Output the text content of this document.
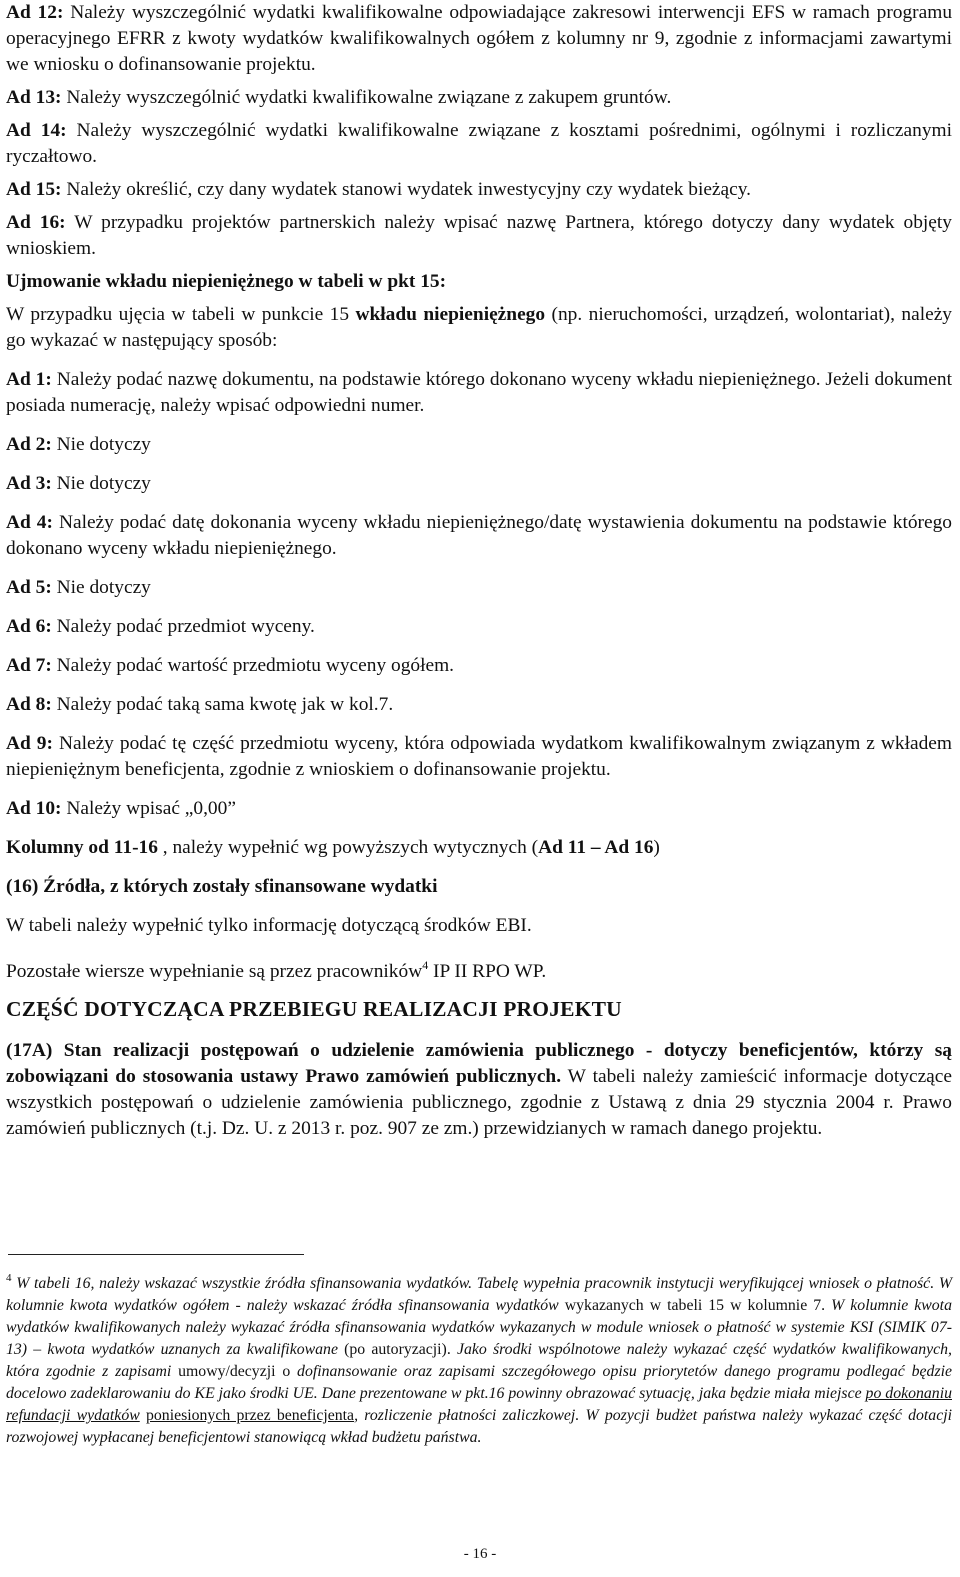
Ad 12: Należy wyszczególnić wydatki kwalifikowalne odpowiadające zakresowi interwencji EFS w ramach programu operacyjnego EFRR z kwoty wydatków kwalifikowalnych ogółem z kolumny nr 9, zgodnie z informacjami zawartymi we wniosku o dofinansowanie projektu.

Ad 13: Należy wyszczególnić wydatki kwalifikowalne związane z zakupem gruntów.

Ad 14: Należy wyszczególnić wydatki kwalifikowalne związane z kosztami pośrednimi, ogólnymi i rozliczanymi ryczałtowo.

Ad 15: Należy określić, czy dany wydatek stanowi wydatek inwestycyjny czy wydatek bieżący.

Ad 16: W przypadku projektów partnerskich należy wpisać nazwę Partnera, którego dotyczy dany wydatek objęty wnioskiem.

Ujmowanie wkładu niepieniężnego w tabeli w pkt 15:

W przypadku ujęcia w tabeli w punkcie 15 wkładu niepieniężnego (np. nieruchomości, urządzeń, wolontariat), należy go wykazać w następujący sposób:

Ad 1: Należy podać nazwę dokumentu, na podstawie którego dokonano wyceny wkładu niepieniężnego. Jeżeli dokument posiada numerację, należy wpisać odpowiedni numer.

Ad 2: Nie dotyczy

Ad 3: Nie dotyczy

Ad 4: Należy podać datę dokonania wyceny wkładu niepieniężnego/datę wystawienia dokumentu na podstawie którego dokonano wyceny wkładu niepieniężnego.

Ad 5: Nie dotyczy

Ad 6: Należy podać przedmiot wyceny.

Ad 7: Należy podać wartość przedmiotu wyceny ogółem.

Ad 8: Należy podać taką sama kwotę jak w kol.7.

Ad 9: Należy podać tę część przedmiotu wyceny, która odpowiada wydatkom kwalifikowalnym związanym z wkładem niepieniężnym beneficjenta, zgodnie z wnioskiem o dofinansowanie projektu.

Ad 10: Należy wpisać „0,00”

Kolumny od 11-16 , należy wypełnić wg powyższych wytycznych (Ad 11 – Ad 16)

(16) Źródła, z których zostały sfinansowane wydatki

W tabeli należy wypełnić tylko informację dotyczącą środków EBI.

Pozostałe wiersze wypełnianie są przez pracowników$^4$ IP II RPO WP.

CZĘŚĆ DOTYCZĄCA PRZEBIEGU REALIZACJI PROJEKTU

(17A) Stan realizacji postępowań o udzielenie zamówienia publicznego - dotyczy beneficjentów, którzy są zobowiązani do stosowania ustawy Prawo zamówień publicznych. W tabeli należy zamieścić informacje dotyczące wszystkich postępowań o udzielenie zamówienia publicznego, zgodnie z Ustawą z dnia 29 stycznia 2004 r. Prawo zamówień publicznych (t.j. Dz. U. z 2013 r. poz. 907 ze zm.) przewidzianych w ramach danego projektu.

$^4$ W tabeli 16, należy wskazać wszystkie źródła sfinansowania wydatków. Tabelę wypełnia pracownik instytucji weryfikującej wniosek o płatność. W kolumnie kwota wydatków ogółem - należy wskazać źródła sfinansowania wydatków wykazanych w tabeli 15 w kolumnie 7. W kolumnie kwota wydatków kwalifikowanych należy wykazać źródła sfinansowania wydatków wykazanych w module wniosek o płatność w systemie KSI (SIMIK 07-13) – kwota wydatków uznanych za kwalifikowane (po autoryzacji). Jako środki wspólnotowe należy wykazać część wydatków kwalifikowanych, która zgodnie z zapisami umowy/decyzji o dofinansowanie oraz zapisami szczegółowego opisu priorytetów danego programu podlegać będzie docelowo zadeklarowaniu do KE jako środki UE. Dane prezentowane w pkt.16 powinny obrazować sytuację, jaka będzie miała miejsce po dokonaniu refundacji wydatków poniesionych przez beneficjenta, rozliczenie płatności zaliczkowej. W pozycji budżet państwa należy wykazać część dotacji rozwojowej wypłacanej beneficjentowi stanowiącą wkład budżetu państwa.
- 16 -
